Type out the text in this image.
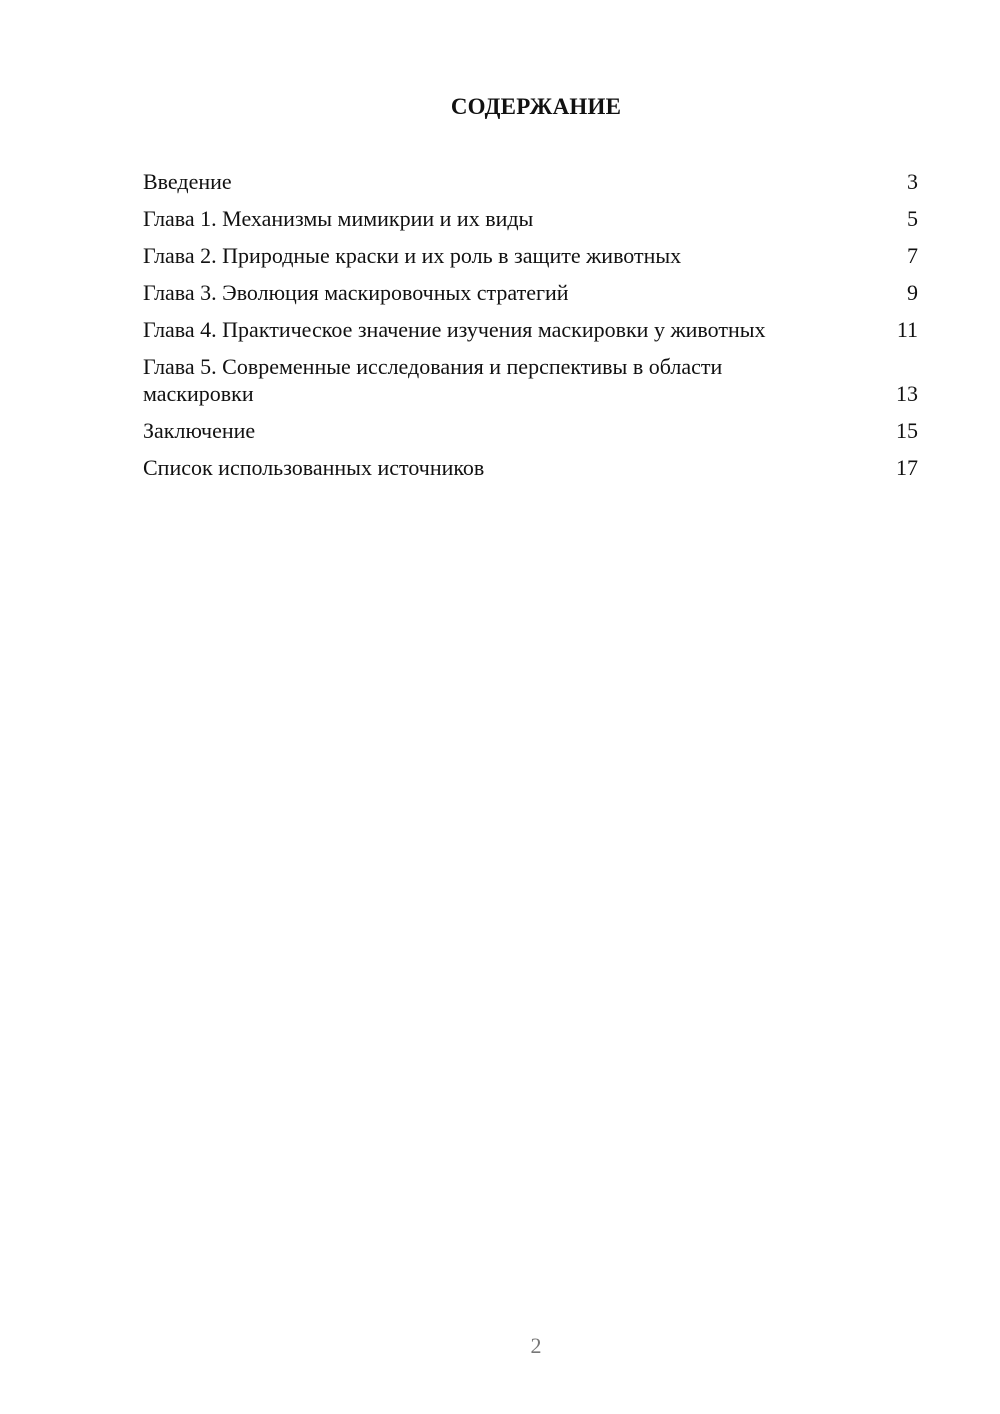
СОДЕРЖАНИЕ
Введение	3
Глава 1. Механизмы мимикрии и их виды	5
Глава 2. Природные краски и их роль в защите животных	7
Глава 3. Эволюция маскировочных стратегий	9
Глава 4. Практическое значение изучения маскировки у животных	11
Глава 5. Современные исследования и перспективы в области маскировки	13
Заключение	15
Список использованных источников	17
2
